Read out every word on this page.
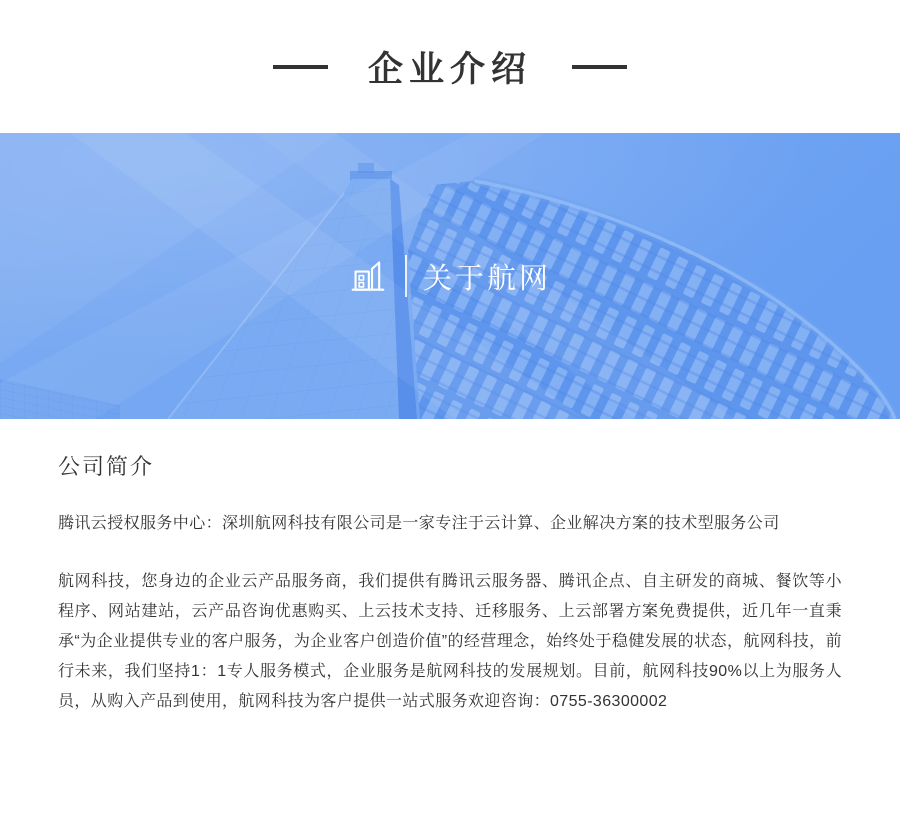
企业介绍
关于航网
公司简介

腾讯云授权服务中心：深圳航网科技有限公司是一家专注于云计算、企业解决方案的技术型服务公司

航网科技，您身边的企业云产品服务商，我们提供有腾讯云服务器、腾讯企点、自主研发的商城、餐饮等小程序、网站建站，云产品咨询优惠购买、上云技术支持、迁移服务、上云部署方案免费提供，近几年一直秉承“为企业提供专业的客户服务，为企业客户创造价值”的经营理念，始终处于稳健发展的状态，航网科技，前行未来，我们坚持1：1专人服务模式，企业服务是航网科技的发展规划。目前，航网科技90%以上为服务人员，从购入产品到使用，航网科技为客户提供一站式服务欢迎咨询：0755-36300002
